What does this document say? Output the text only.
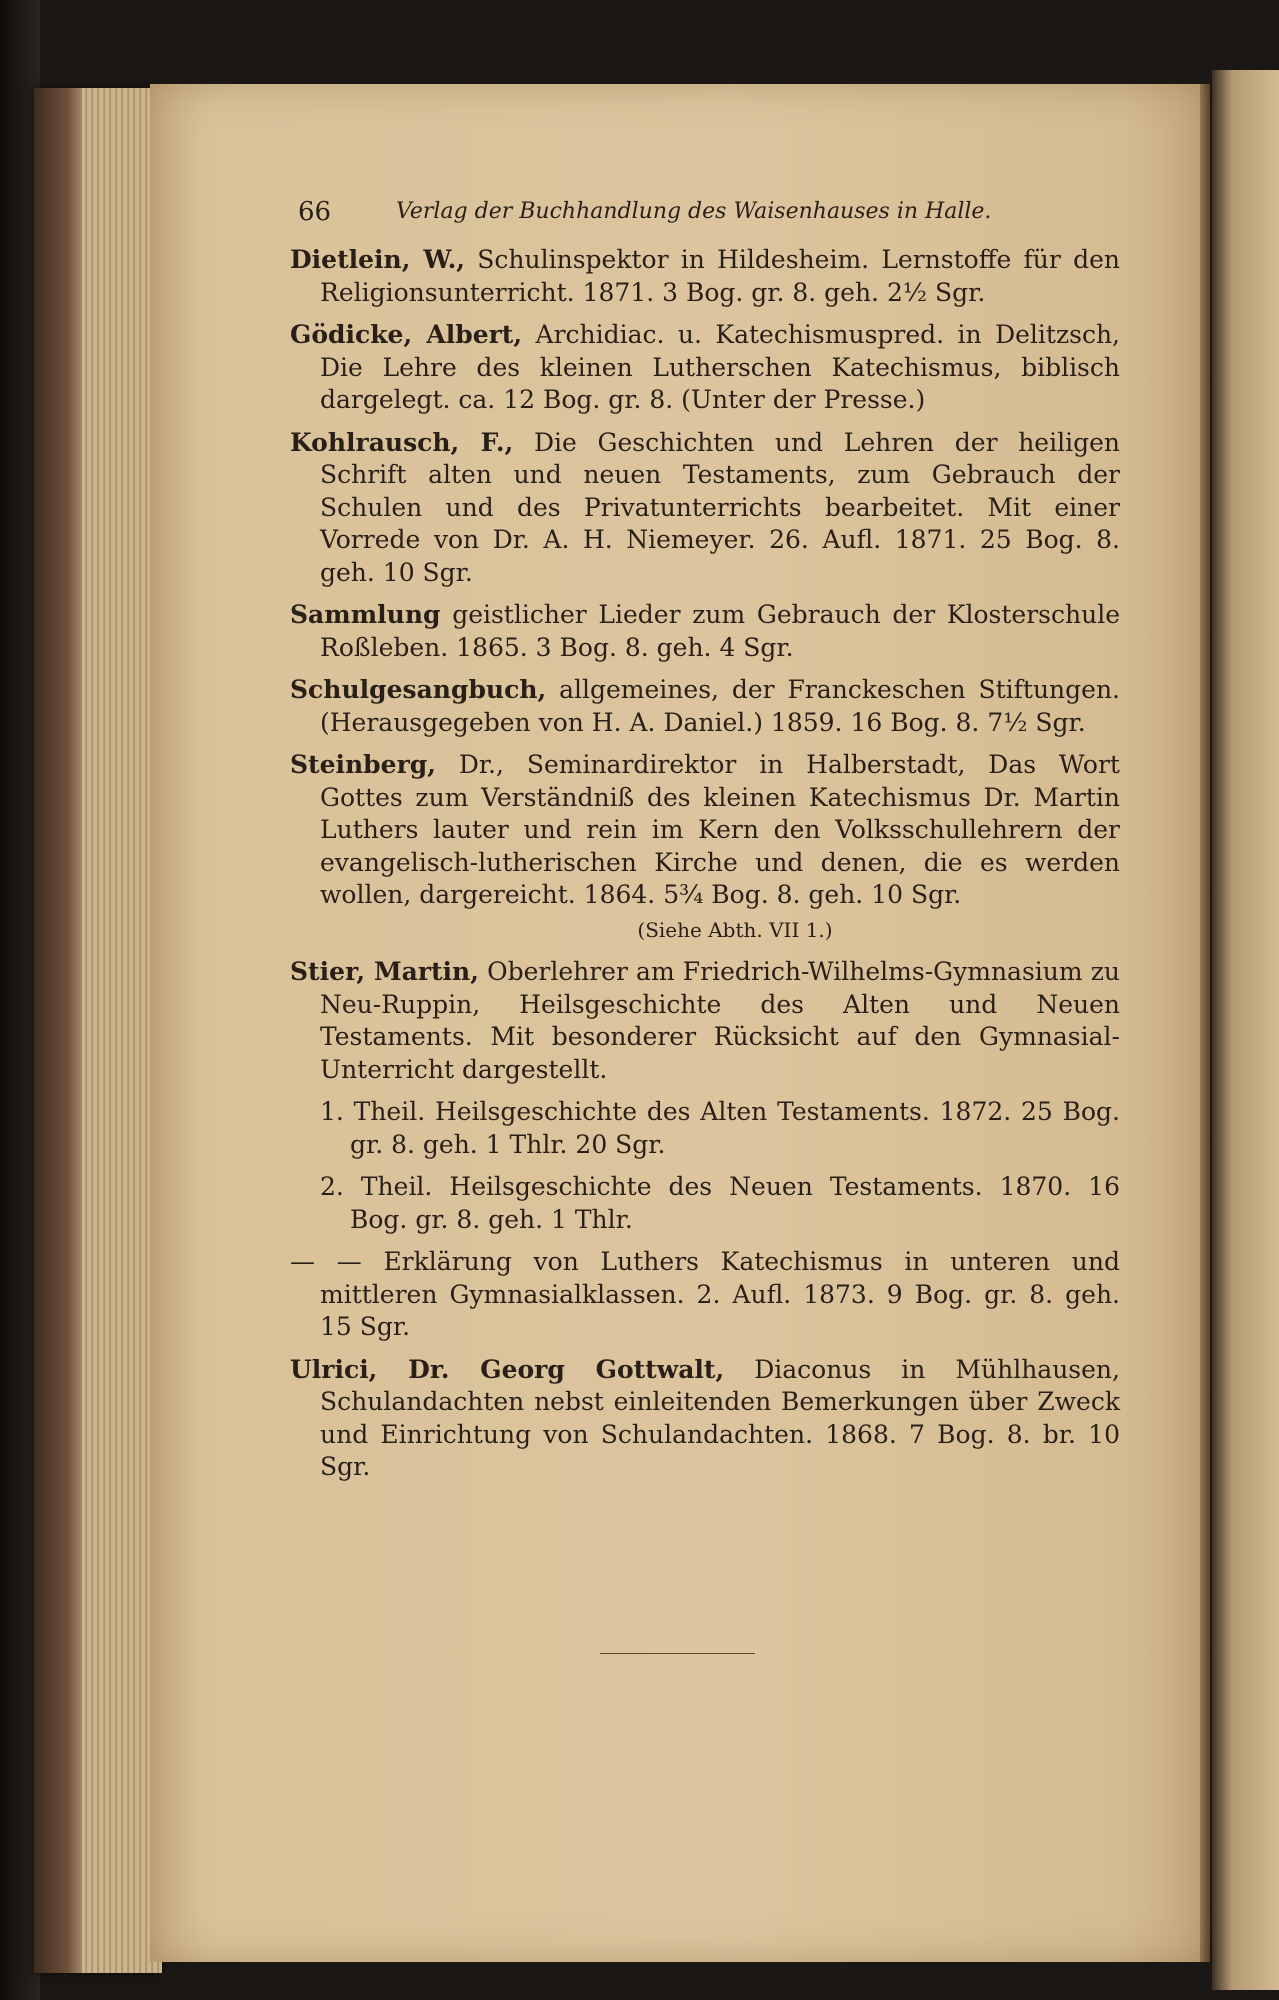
66	Verlag der Buchhandlung des Waisenhauses in Halle.

Dietlein, W., Schulinspektor in Hildesheim. Lernstoffe für den Religionsunterricht. 1871. 3 Bog. gr. 8. geh. 2½ Sgr.

Gödicke, Albert, Archidiac. u. Katechismuspred. in Delitzsch, Die Lehre des kleinen Lutherschen Katechismus, biblisch dargelegt. ca. 12 Bog. gr. 8. (Unter der Presse.)

Kohlrausch, F., Die Geschichten und Lehren der heiligen Schrift alten und neuen Testaments, zum Gebrauch der Schulen und des Privatunterrichts bearbeitet. Mit einer Vorrede von Dr. A. H. Niemeyer. 26. Aufl. 1871. 25 Bog. 8. geh. 10 Sgr.

Sammlung geistlicher Lieder zum Gebrauch der Klosterschule Roßleben. 1865. 3 Bog. 8. geh. 4 Sgr.

Schulgesangbuch, allgemeines, der Franckeschen Stiftungen. (Herausgegeben von H. A. Daniel.) 1859. 16 Bog. 8. 7½ Sgr.

Steinberg, Dr., Seminardirektor in Halberstadt, Das Wort Gottes zum Verständniß des kleinen Katechismus Dr. Martin Luthers lauter und rein im Kern den Volksschullehrern der evangelisch-lutherischen Kirche und denen, die es werden wollen, dargereicht. 1864. 5¾ Bog. 8. geh. 10 Sgr.

(Siehe Abth. VII 1.)

Stier, Martin, Oberlehrer am Friedrich-Wilhelms-Gymnasium zu Neu-Ruppin, Heilsgeschichte des Alten und Neuen Testaments. Mit besonderer Rücksicht auf den Gymnasial-Unterricht dargestellt.

1. Theil. Heilsgeschichte des Alten Testaments. 1872. 25 Bog. gr. 8. geh. 1 Thlr. 20 Sgr.

2. Theil. Heilsgeschichte des Neuen Testaments. 1870. 16 Bog. gr. 8. geh. 1 Thlr.

— — Erklärung von Luthers Katechismus in unteren und mittleren Gymnasialklassen. 2. Aufl. 1873. 9 Bog. gr. 8. geh. 15 Sgr.

Ulrici, Dr. Georg Gottwalt, Diaconus in Mühlhausen, Schulandachten nebst einleitenden Bemerkungen über Zweck und Einrichtung von Schulandachten. 1868. 7 Bog. 8. br. 10 Sgr.
